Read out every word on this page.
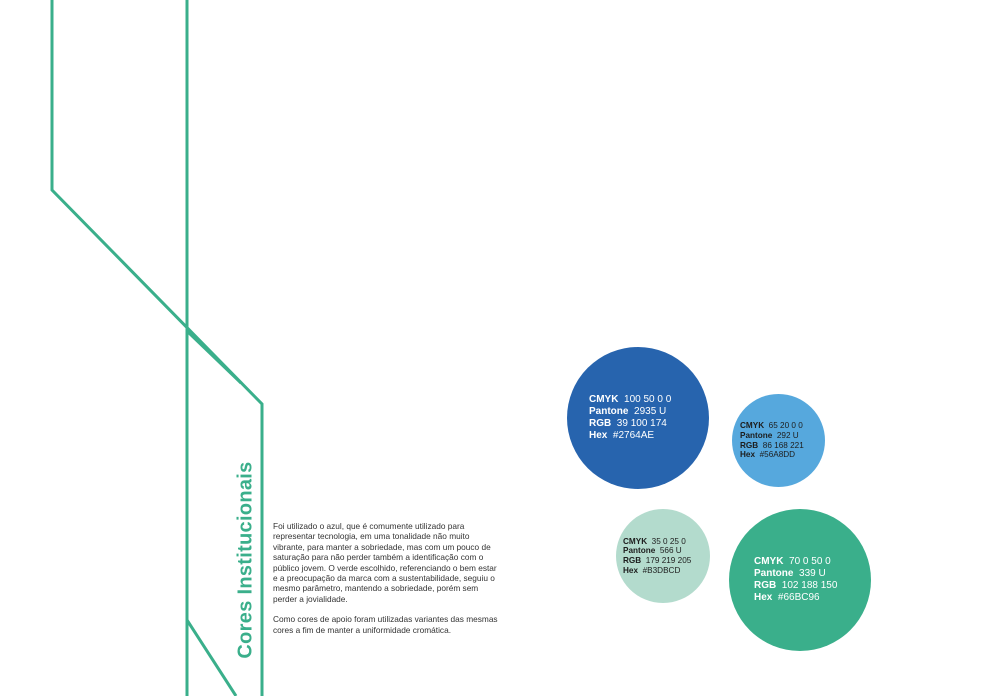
Cores Institucionais Foi utilizado o azul, que é comumente utilizado para representar tecnologia, em uma tonalidade não muito vibrante, para manter a sobriedade, mas com um pouco de saturação para não perder também a identificação com o público jovem. O verde escolhido, referenciando o bem estar e a preocupação da marca com a sustentabilidade, seguiu o mesmo parâmetro, mantendo a sobriedade, porém sem perder a jovialidade.

Como cores de apoio foram utilizadas variantes das mesmas cores a fim de manter a uniformidade cromática.

CMYK 100 50 0 0
Pantone 2935 U
RGB 39 100 174
Hex #2764AE
CMYK 65 20 0 0
Pantone 292 U
RGB 86 168 221
Hex #56A8DD
CMYK 35 0 25 0
Pantone 566 U
RGB 179 219 205
Hex #B3DBCD
CMYK 70 0 50 0
Pantone 339 U
RGB 102 188 150
Hex #66BC96
